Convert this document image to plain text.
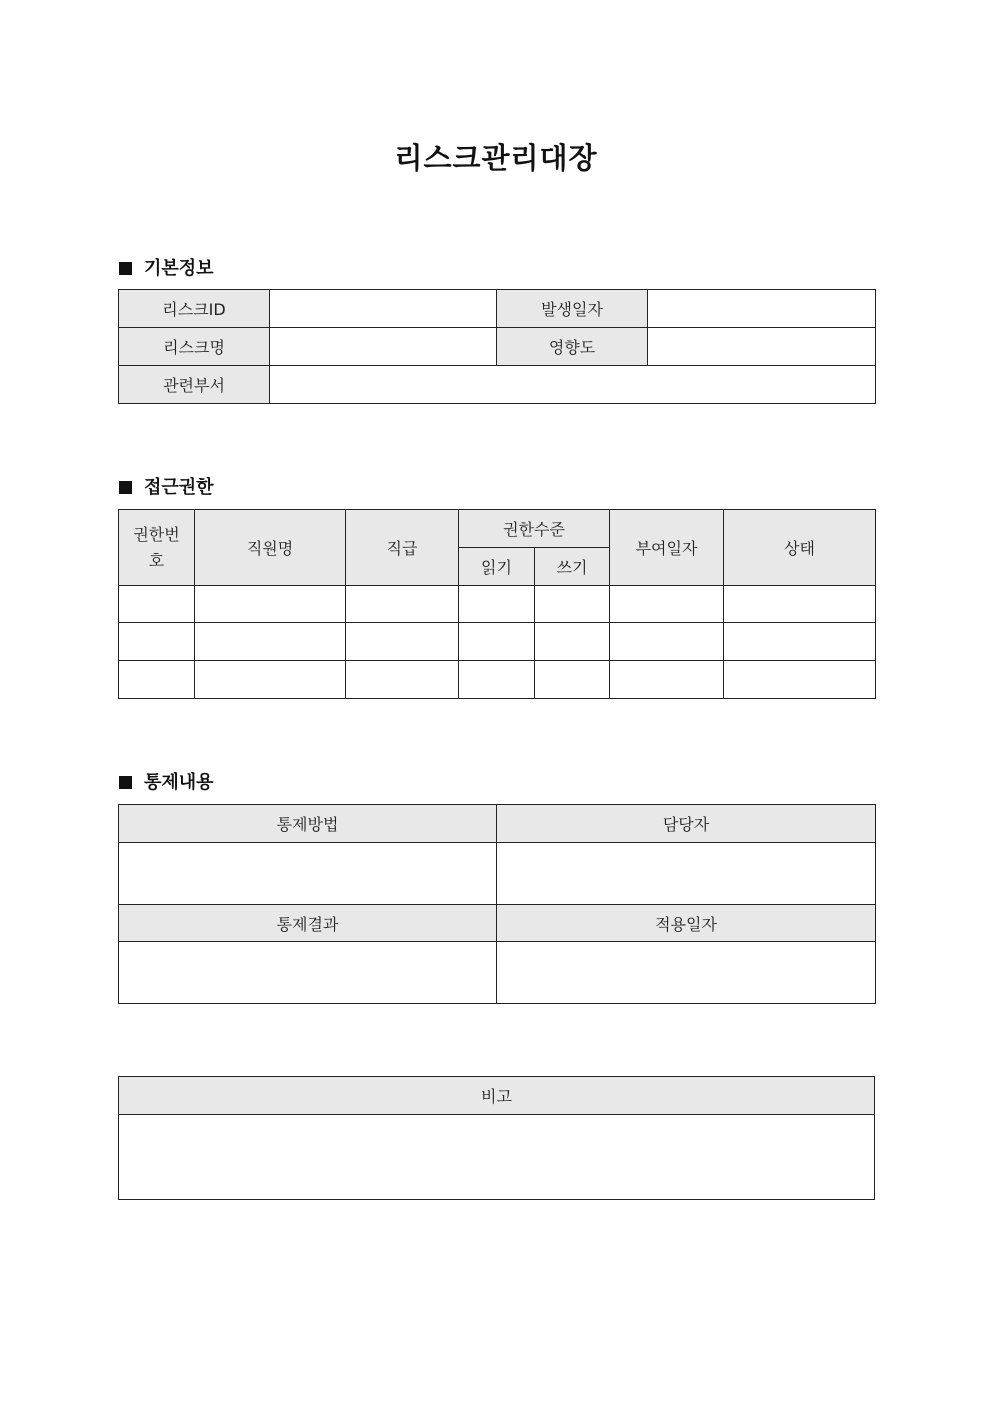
리스크관리대장
기본정보
리스크ID		발생일자	
리스크명		영향도	
관련부서			
접근권한
권한번호	직원명	직급	권한수준		부여일자	상태
			읽기	쓰기		

통제내용
통제방법	담당자

통제결과	적용일자

비고
